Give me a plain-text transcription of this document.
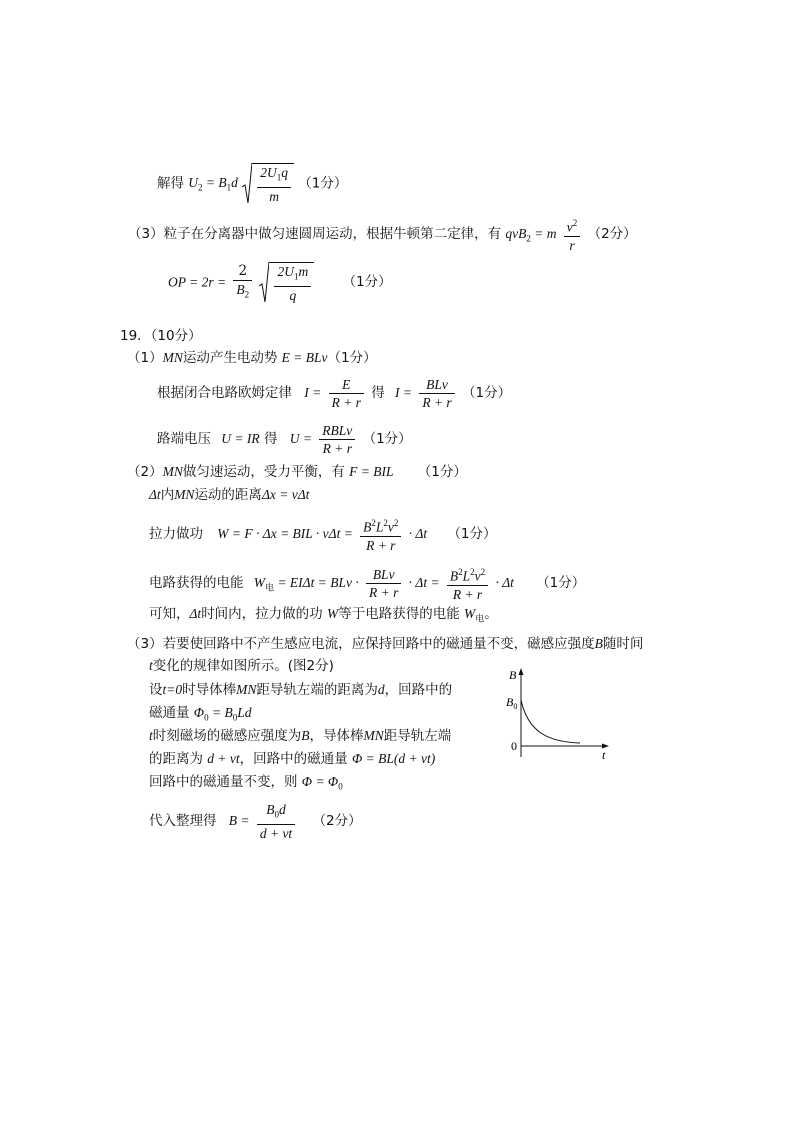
解得 $U_2 = B_1d \frac{2U_1q}{m} (1$分）
（3）粒子在分离器中做匀速圆周运动，根据牛顿第二定律，有 qvB$_2$ = m $\frac{v^2}{r} (2$分）
OP = $2r = \frac{2}{B_2}$
$\frac{2U_1m}{q} (1$分）
19．（10分）
（1）MN运动产生电动势 E = BLv（1分）
根据闭合电路欧姆定律 $I = \frac{E}{R + r}$ 得 $I = \frac{\text{BLv}}{R + r} (1$分）
路端电压 U = IR 得 $U = \frac{\text{RBLv}}{R + r} (1$分）
（2）MN做匀速运动，受力平衡，有 F = BIL （1分）
Δt内MN运动的距离Δx = vΔt
拉力做功 W = F · Δx = BIL · $v\Delta t = \frac{B^2L^2v^2}{R + r} \cdot \Delta t$ （1分）
电路获得的电能 $W_电 = EI\Delta t$ = BLv · $\frac{\text{BLv}}{R + r} \cdot \Delta t = \frac{B^2L^2v^2}{R + r} \cdot \Delta t$ （1分）
可知，Δt时间内，拉力做的功 W等于电路获得的电能 $W_电$。
（3）若要使回路中不产生感应电流，应保持回路中的磁通量不变，磁感应强度B随时间
t变化的规律如图所示。(图2分)
设t=0时导体棒MN距导轨左端的距离为d，回路中的
磁通量 $\Phi_0 = B_0Ld$
t时刻磁场的磁感应强度为B，导体棒MN距导轨左端
的距离为 d + vt，回路中的磁通量 Φ = BL(d + vt)
回路中的磁通量不变，则 $\Phi = \Phi_0$
代入整理得 $B = \frac{B_0d}{d + vt} (2$分）
B
$B_0$
0
t
